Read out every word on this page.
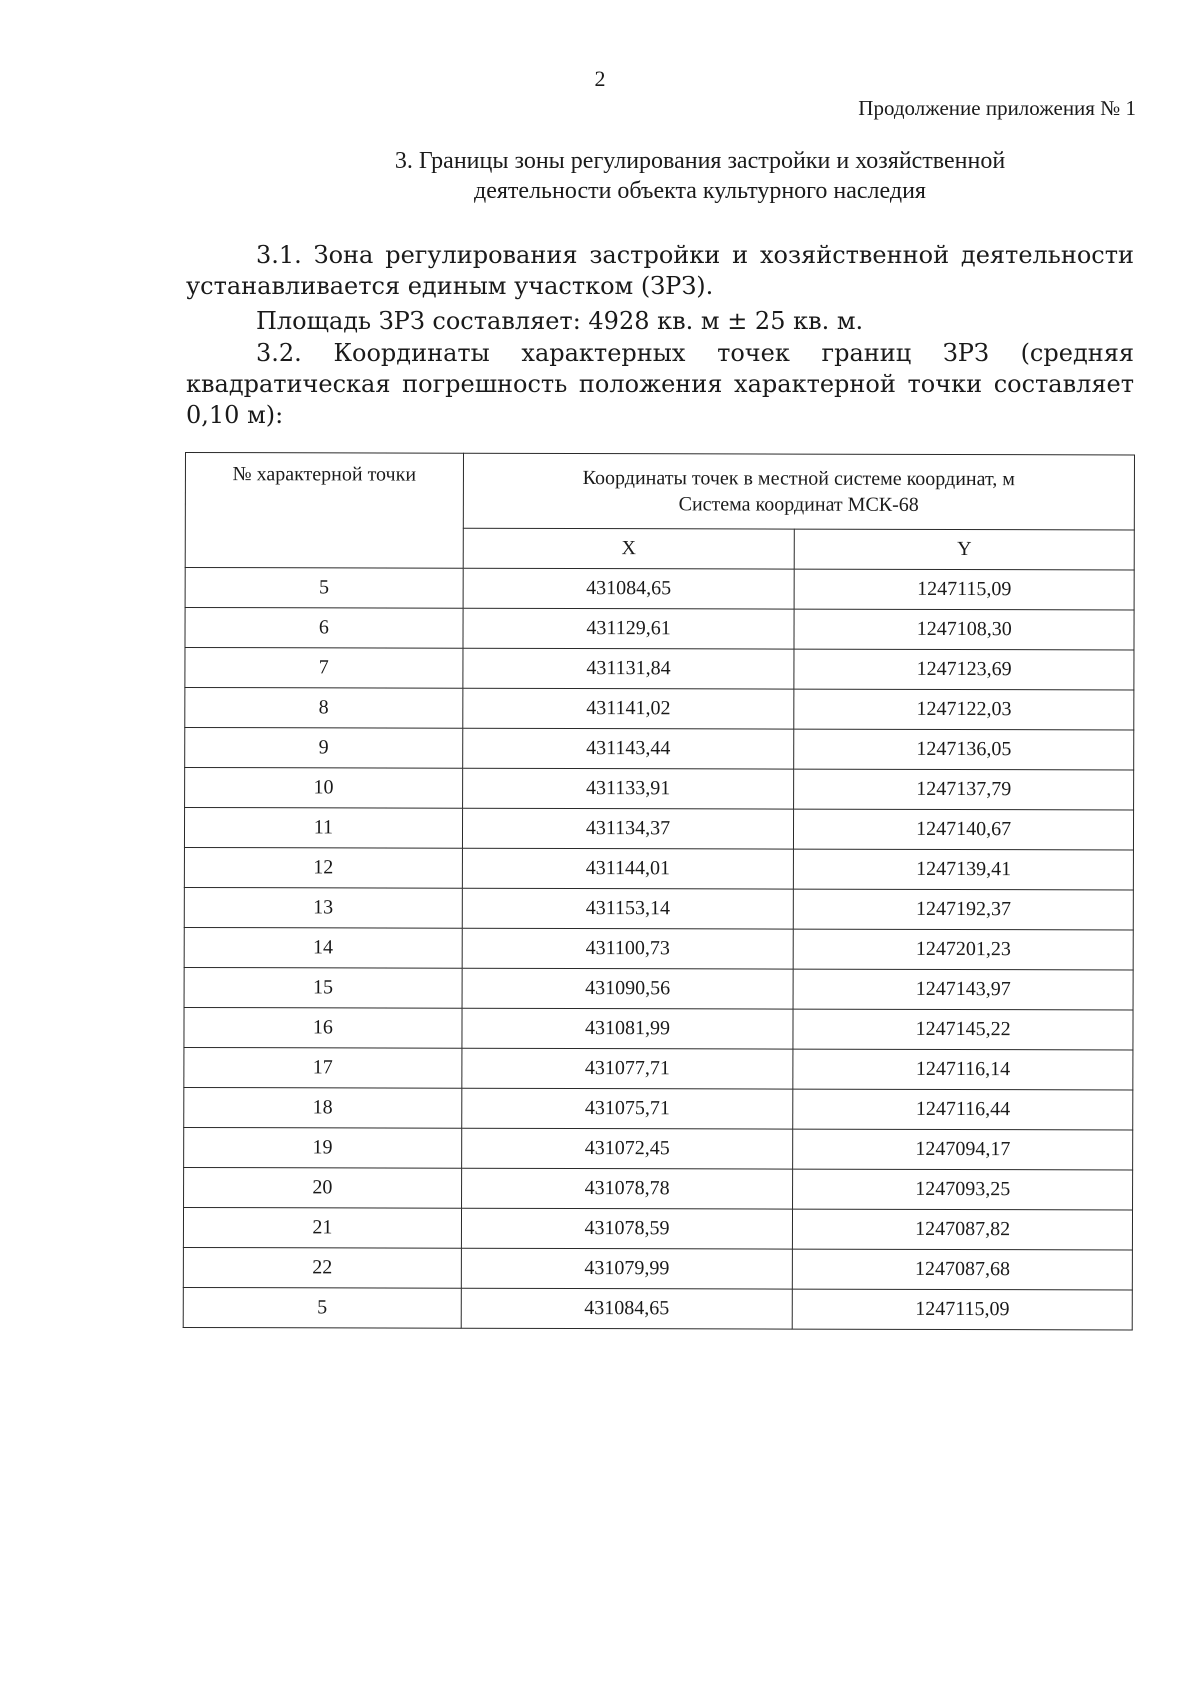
2
Продолжение приложения № 1
3. Границы зоны регулирования застройки и хозяйственной
деятельности объекта культурного наследия

3.1. Зона регулирования застройки и хозяйственной деятельности устанавливается единым участком (ЗРЗ).

Площадь ЗРЗ составляет: 4928 кв. м ± 25 кв. м.

3.2. Координаты характерных точек границ ЗРЗ (средняя квадратическая погрешность положения характерной точки составляет 0,10 м):

№ характерной точки	Координаты точек в местной системе координат, м
Система координат МСК-68	

	X	Y
5	431084,65	1247115,09
6	431129,61	1247108,30
7	431131,84	1247123,69
8	431141,02	1247122,03
9	431143,44	1247136,05
10	431133,91	1247137,79
11	431134,37	1247140,67
12	431144,01	1247139,41
13	431153,14	1247192,37
14	431100,73	1247201,23
15	431090,56	1247143,97
16	431081,99	1247145,22
17	431077,71	1247116,14
18	431075,71	1247116,44
19	431072,45	1247094,17
20	431078,78	1247093,25
21	431078,59	1247087,82
22	431079,99	1247087,68
5	431084,65	1247115,09
